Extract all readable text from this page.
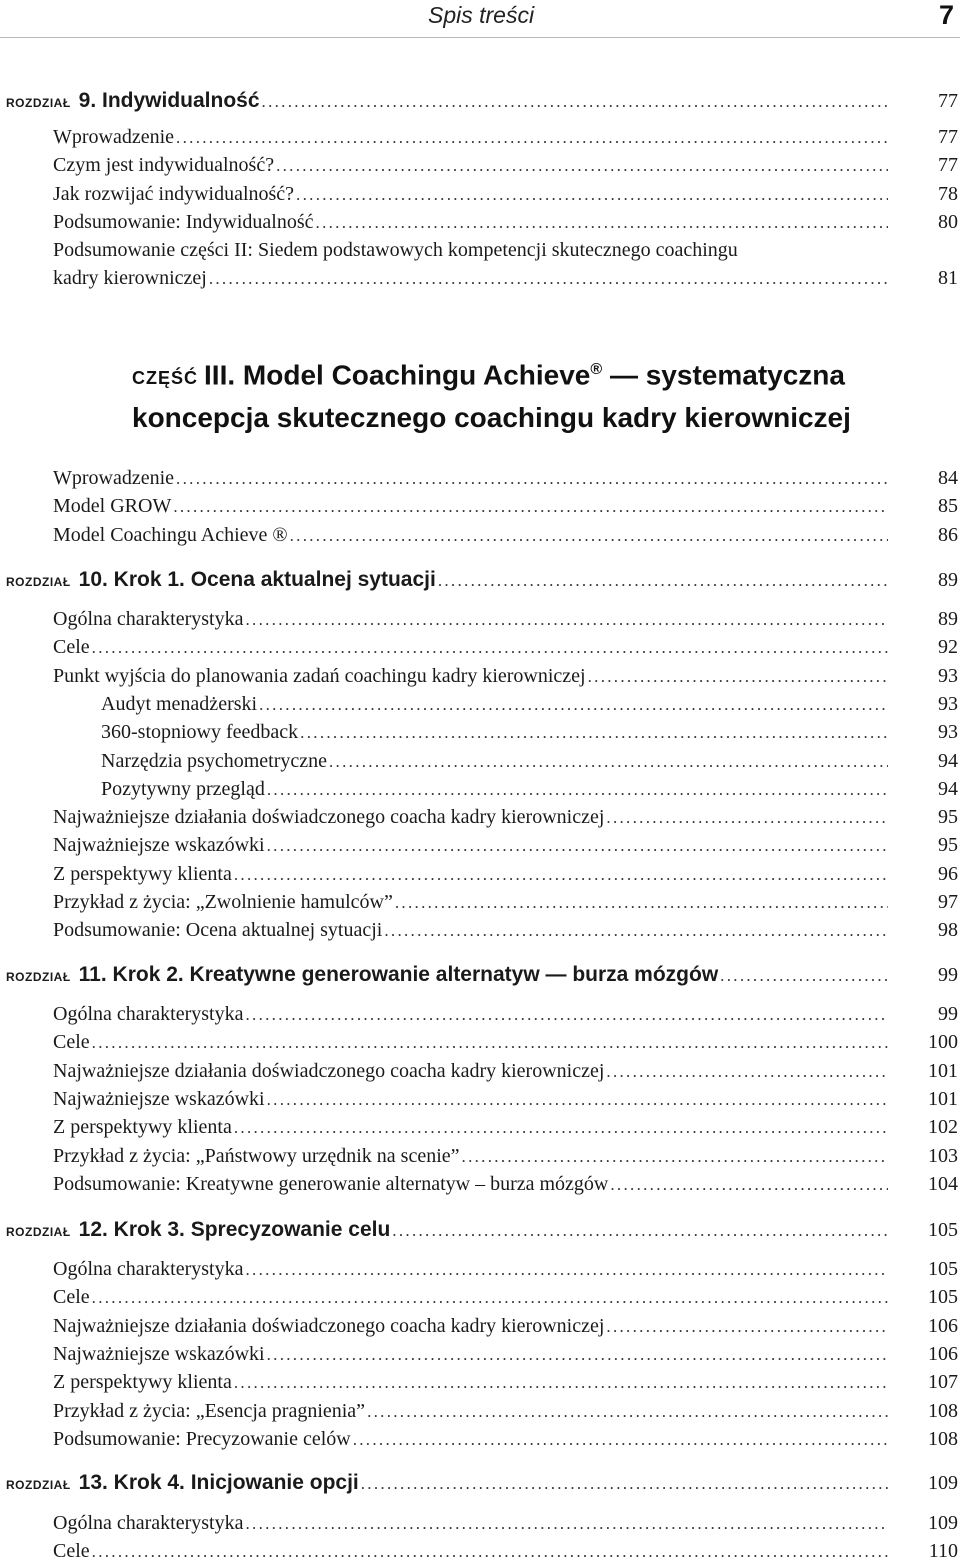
Spis treści	7
ROZDZIAŁ 9. Indywidualność .....	77
Wprowadzenie .....	77
Czym jest indywidualność? .....	77
Jak rozwijać indywidualność? .....	78
Podsumowanie: Indywidualność .....	80
Podsumowanie części II: Siedem podstawowych kompetencji skutecznego coachingu
kadry kierowniczej .....	81
CZĘŚĆ III. Model Coachingu Achieve® — systematyczna
koncepcja skutecznego coachingu kadry kierowniczej
Wprowadzenie .....	84
Model GROW .....	85
Model Coachingu Achieve ® .....	86
ROZDZIAŁ 10. Krok 1. Ocena aktualnej sytuacji .....	89
Ogólna charakterystyka .....	89
Cele .....	92
Punkt wyjścia do planowania zadań coachingu kadry kierowniczej .....	93
Audyt menadżerski .....	93
360-stopniowy feedback .....	93
Narzędzia psychometryczne .....	94
Pozytywny przegląd .....	94
Najważniejsze działania doświadczonego coacha kadry kierowniczej .....	95
Najważniejsze wskazówki .....	95
Z perspektywy klienta .....	96
Przykład z życia: „Zwolnienie hamulców” .....	97
Podsumowanie: Ocena aktualnej sytuacji .....	98
ROZDZIAŁ 11. Krok 2. Kreatywne generowanie alternatyw — burza mózgów .....	99
Ogólna charakterystyka .....	99
Cele .....	100
Najważniejsze działania doświadczonego coacha kadry kierowniczej .....	101
Najważniejsze wskazówki .....	101
Z perspektywy klienta .....	102
Przykład z życia: „Państwowy urzędnik na scenie” .....	103
Podsumowanie: Kreatywne generowanie alternatyw – burza mózgów .....	104
ROZDZIAŁ 12. Krok 3. Sprecyzowanie celu .....	105
Ogólna charakterystyka .....	105
Cele .....	105
Najważniejsze działania doświadczonego coacha kadry kierowniczej .....	106
Najważniejsze wskazówki .....	106
Z perspektywy klienta .....	107
Przykład z życia: „Esencja pragnienia” .....	108
Podsumowanie: Precyzowanie celów .....	108
ROZDZIAŁ 13. Krok 4. Inicjowanie opcji .....	109
Ogólna charakterystyka .....	109
Cele .....	110
